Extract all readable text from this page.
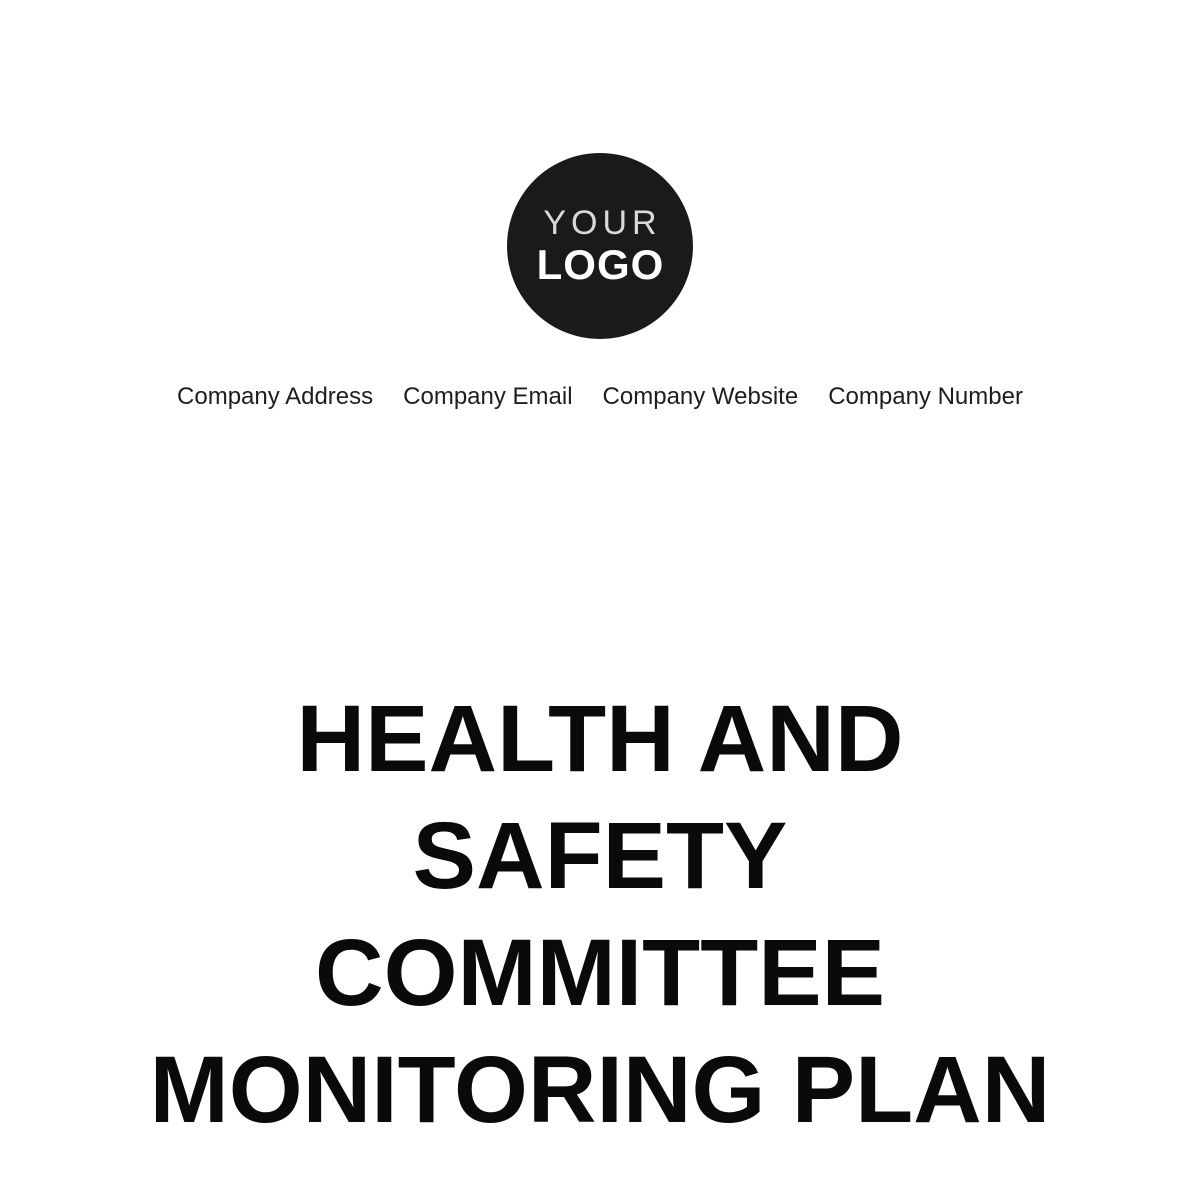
YOUR
LOGO
Company Address Company Email Company Website Company Number
HEALTH AND
SAFETY
COMMITTEE
MONITORING PLAN
